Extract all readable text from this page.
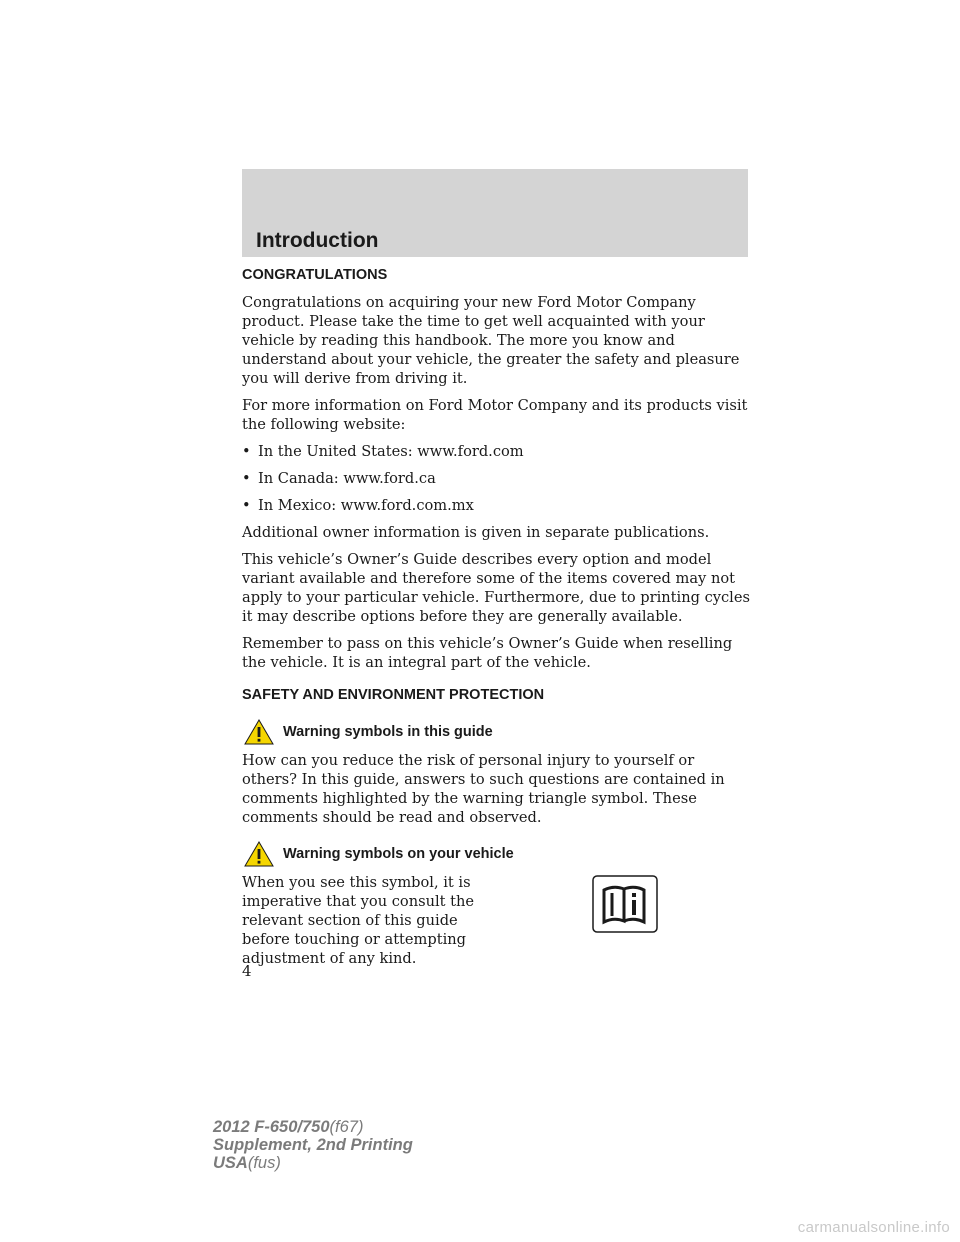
Introduction
CONGRATULATIONS

Congratulations on acquiring your new Ford Motor Company product. Please take the time to get well acquainted with your vehicle by reading this handbook. The more you know and understand about your vehicle, the greater the safety and pleasure you will derive from driving it.

For more information on Ford Motor Company and its products visit the following website:

• In the United States: www.ford.com
• In Canada: www.ford.ca
• In Mexico: www.ford.com.mx

Additional owner information is given in separate publications.

This vehicle’s Owner’s Guide describes every option and model variant available and therefore some of the items covered may not apply to your particular vehicle. Furthermore, due to printing cycles it may describe options before they are generally available.

Remember to pass on this vehicle’s Owner’s Guide when reselling the vehicle. It is an integral part of the vehicle.

SAFETY AND ENVIRONMENT PROTECTION
Warning symbols in this guide

How can you reduce the risk of personal injury to yourself or others? In this guide, answers to such questions are contained in comments highlighted by the warning triangle symbol. These comments should be read and observed.

Warning symbols on your vehicle

When you see this symbol, it is imperative that you consult the relevant section of this guide before touching or attempting adjustment of any kind.

4
2012 F-650/750(f67)
Supplement, 2nd Printing
USA(fus)
carmanualsonline.info
